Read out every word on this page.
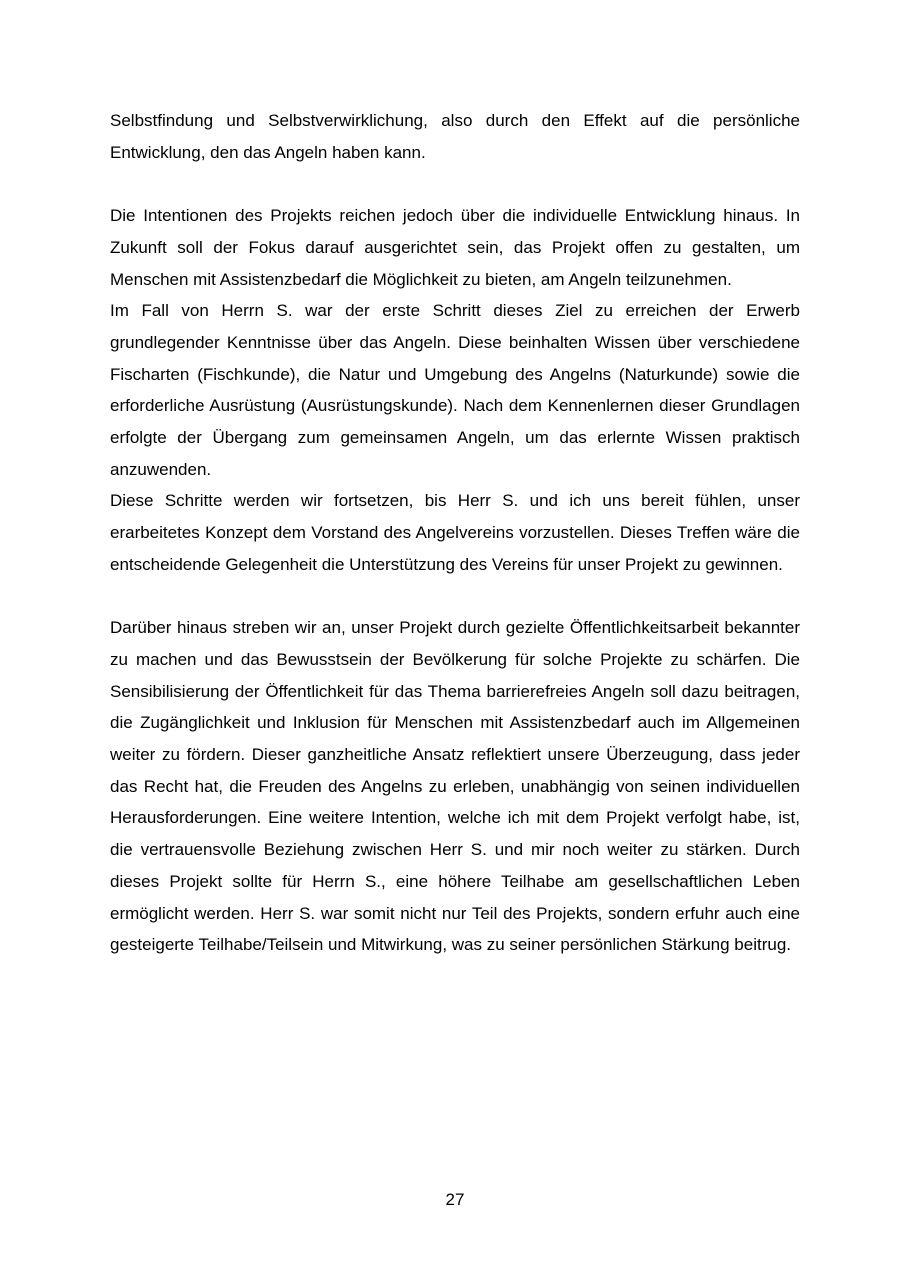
Selbstfindung und Selbstverwirklichung, also durch den Effekt auf die persönliche Entwicklung, den das Angeln haben kann.

Die Intentionen des Projekts reichen jedoch über die individuelle Entwicklung hinaus. In Zukunft soll der Fokus darauf ausgerichtet sein, das Projekt offen zu gestalten, um Menschen mit Assistenzbedarf die Möglichkeit zu bieten, am Angeln teilzunehmen.

Im Fall von Herrn S. war der erste Schritt dieses Ziel zu erreichen der Erwerb grundlegender Kenntnisse über das Angeln. Diese beinhalten Wissen über verschiedene Fischarten (Fischkunde), die Natur und Umgebung des Angelns (Naturkunde) sowie die erforderliche Ausrüstung (Ausrüstungskunde). Nach dem Kennenlernen dieser Grundlagen erfolgte der Übergang zum gemeinsamen Angeln, um das erlernte Wissen praktisch anzuwenden.

Diese Schritte werden wir fortsetzen, bis Herr S. und ich uns bereit fühlen, unser erarbeitetes Konzept dem Vorstand des Angelvereins vorzustellen. Dieses Treffen wäre die entscheidende Gelegenheit die Unterstützung des Vereins für unser Projekt zu gewinnen.

Darüber hinaus streben wir an, unser Projekt durch gezielte Öffentlichkeitsarbeit bekannter zu machen und das Bewusstsein der Bevölkerung für solche Projekte zu schärfen. Die Sensibilisierung der Öffentlichkeit für das Thema barrierefreies Angeln soll dazu beitragen, die Zugänglichkeit und Inklusion für Menschen mit Assistenzbedarf auch im Allgemeinen weiter zu fördern. Dieser ganzheitliche Ansatz reflektiert unsere Überzeugung, dass jeder das Recht hat, die Freuden des Angelns zu erleben, unabhängig von seinen individuellen Herausforderungen. Eine weitere Intention, welche ich mit dem Projekt verfolgt habe, ist, die vertrauensvolle Beziehung zwischen Herr S. und mir noch weiter zu stärken. Durch dieses Projekt sollte für Herrn S., eine höhere Teilhabe am gesellschaftlichen Leben ermöglicht werden. Herr S. war somit nicht nur Teil des Projekts, sondern erfuhr auch eine gesteigerte Teilhabe/Teilsein und Mitwirkung, was zu seiner persönlichen Stärkung beitrug.

27
